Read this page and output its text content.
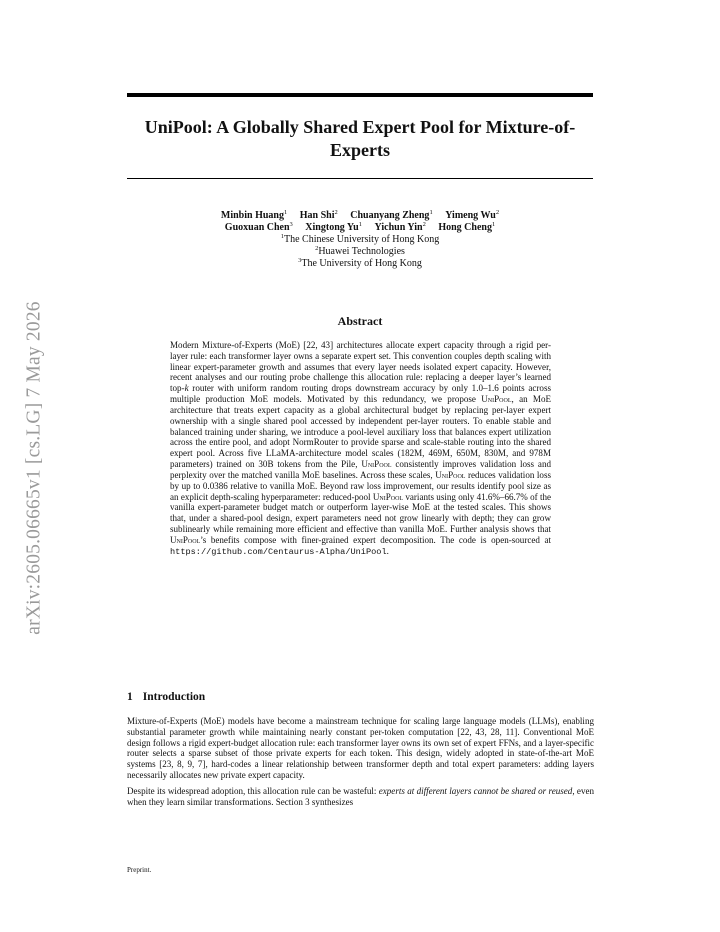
arXiv:2605.06665v1 [cs.LG] 7 May 2026
UniPool: A Globally Shared Expert Pool for Mixture-of-Experts
Minbin Huang$^1$ Han Shi$^2$ Chuanyang Zheng$^1$ Yimeng Wu$^2$
Guoxuan Chen$^3$ Xingtong Yu$^1$ Yichun Yin$^2$ Hong Cheng$^1$
$^1$The Chinese University of Hong Kong
$^2$Huawei Technologies
$^3$The University of Hong Kong
Abstract
Modern Mixture-of-Experts (MoE) [22, 43] architectures allocate expert capacity through a rigid per-layer rule: each transformer layer owns a separate expert set. This convention couples depth scaling with linear expert-parameter growth and assumes that every layer needs isolated expert capacity. However, recent analyses and our routing probe challenge this allocation rule: replacing a deeper layer’s learned top-k router with uniform random routing drops downstream accuracy by only 1.0–1.6 points across multiple production MoE models. Motivated by this redundancy, we propose UniPool, an MoE architecture that treats expert capacity as a global architectural budget by replacing per-layer expert ownership with a single shared pool accessed by independent per-layer routers. To enable stable and balanced training under sharing, we introduce a pool-level auxiliary loss that balances expert utilization across the entire pool, and adopt NormRouter to provide sparse and scale-stable routing into the shared expert pool. Across five LLaMA-architecture model scales (182M, 469M, 650M, 830M, and 978M parameters) trained on 30B tokens from the Pile, UniPool consistently improves validation loss and perplexity over the matched vanilla MoE baselines. Across these scales, UniPool reduces validation loss by up to 0.0386 relative to vanilla MoE. Beyond raw loss improvement, our results identify pool size as an explicit depth-scaling hyperparameter: reduced-pool UniPool variants using only 41.6%–66.7% of the vanilla expert-parameter budget match or outperform layer-wise MoE at the tested scales. This shows that, under a shared-pool design, expert parameters need not grow linearly with depth; they can grow sublinearly while remaining more efficient and effective than vanilla MoE. Further analysis shows that UniPool’s benefits compose with finer-grained expert decomposition. The code is open-sourced at https://github.com/Centaurus-Alpha/UniPool.
1 Introduction

Mixture-of-Experts (MoE) models have become a mainstream technique for scaling large language models (LLMs), enabling substantial parameter growth while maintaining nearly constant per-token computation [22, 43, 28, 11]. Conventional MoE design follows a rigid expert-budget allocation rule: each transformer layer owns its own set of expert FFNs, and a layer-specific router selects a sparse subset of those private experts for each token. This design, widely adopted in state-of-the-art MoE systems [23, 8, 9, 7], hard-codes a linear relationship between transformer depth and total expert parameters: adding layers necessarily allocates new private expert capacity.

Despite its widespread adoption, this allocation rule can be wasteful: experts at different layers cannot be shared or reused, even when they learn similar transformations. Section 3 synthesizes

Preprint.
